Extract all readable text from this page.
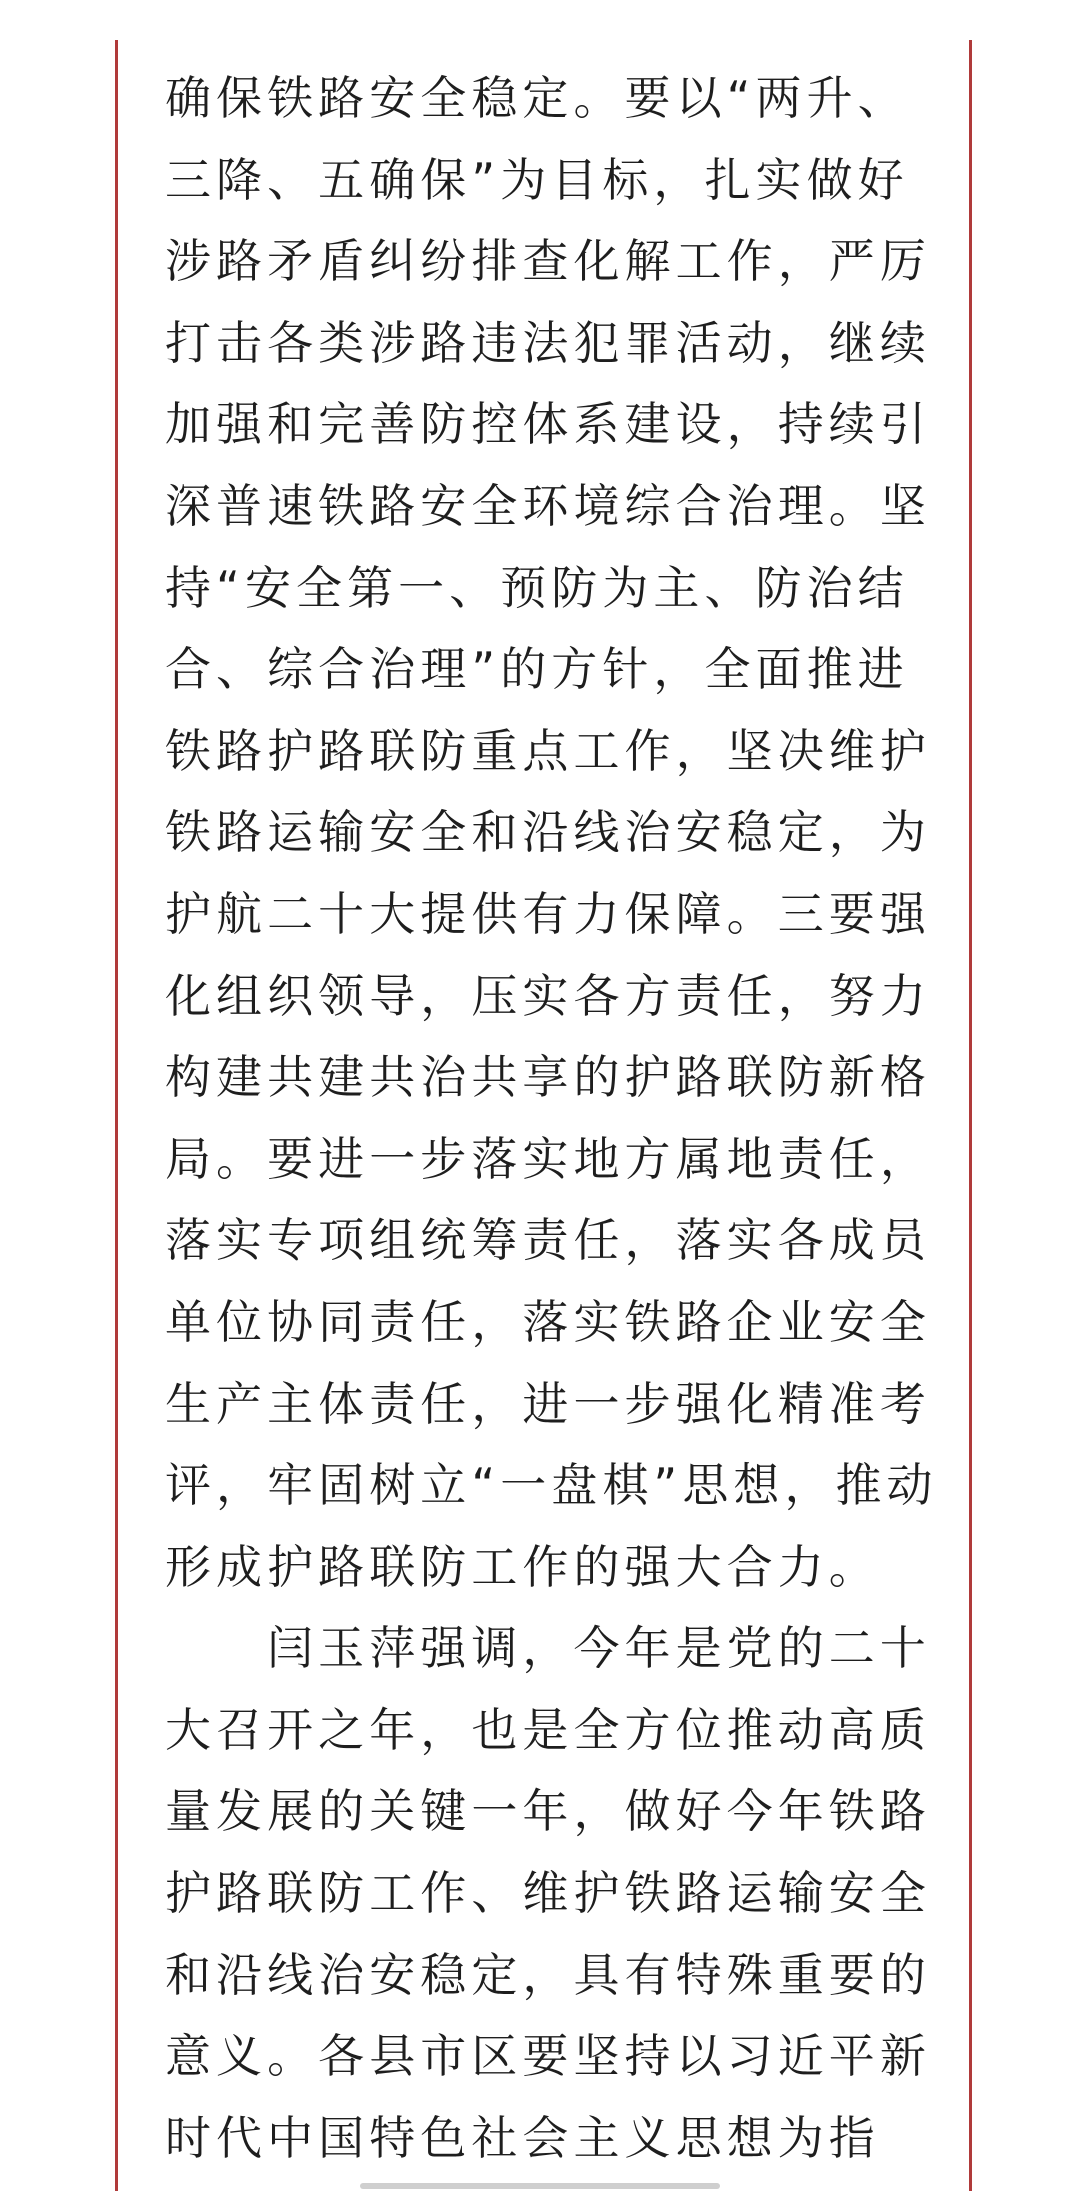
确保铁路安全稳定。要以“两升、
三降、五确保”为目标，扎实做好
涉路矛盾纠纷排查化解工作，严厉
打击各类涉路违法犯罪活动，继续
加强和完善防控体系建设，持续引
深普速铁路安全环境综合治理。坚
持“安全第一、预防为主、防治结
合、综合治理”的方针，全面推进
铁路护路联防重点工作，坚决维护
铁路运输安全和沿线治安稳定，为
护航二十大提供有力保障。三要强
化组织领导，压实各方责任，努力
构建共建共治共享的护路联防新格
局。要进一步落实地方属地责任，
落实专项组统筹责任，落实各成员
单位协同责任，落实铁路企业安全
生产主体责任，进一步强化精准考
评，牢固树立“一盘棋”思想，推动
形成护路联防工作的强大合力。
　　闫玉萍强调，今年是党的二十
大召开之年，也是全方位推动高质
量发展的关键一年，做好今年铁路
护路联防工作、维护铁路运输安全
和沿线治安稳定，具有特殊重要的
意义。各县市区要坚持以习近平新
时代中国特色社会主义思想为指
